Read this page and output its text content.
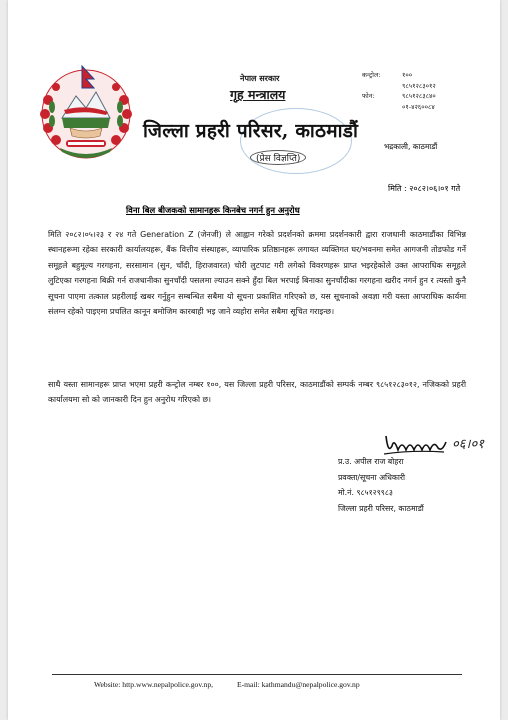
नेपाल सरकार
गृह मन्त्रालय
जिल्ला प्रहरी परिसर, काठमाडौं
(प्रेस विज्ञप्ति)
कन्ट्रोल:	१००
९८५१२८३०१२
फोन:	९८५१२८३८४०
०१-४२६००८४
भद्रकाली, काठमाडौं
मिति : २०८२।०६।०१ गते
विना बिल बीजकको सामानहरू किनबेच नगर्न हुन अनुरोध
मिति २०८२।०५।२३ र २४ गते Generation Z (जेनजी) ले आह्वान गरेको प्रदर्शनको क्रममा प्रदर्शनकारी द्वारा राजधानी काठमाडौंका विभिन्न स्थानहरूमा रहेका सरकारी कार्यालयहरू, बैंक वित्तीय संस्थाहरू, व्यापारिक प्रतिष्ठानहरू लगायत व्यक्तिगत घर/भवनमा समेत आगजनी तोडफोड गर्ने समूहले बहुमूल्य गरगहना, सरसामान (सुन, चाँदी, हिराजवारत) चोरी लुटपाट गरी लगेको विवरणहरू प्राप्त भइरहेकोले उक्त आपराधिक समूहले लुटिएका गरगहना बिक्री गर्न राजधानीका सुनचाँदी पसलमा ल्याउन सक्ने हुँदा बिल भरपाई बिनाका सुनचाँदीका गरगहना खरीद नगर्न हुन र त्यस्तो कुनै सूचना पाएमा तत्काल प्रहरीलाई खबर गर्नुहुन सम्बन्धित सबैमा यो सूचना प्रकाशित गरिएको छ, यस सूचनाको अवज्ञा गरी यस्ता आपराधिक कार्यमा संलग्न रहेको पाइएमा प्रचलित कानून बमोजिम कारबाही भइ जाने व्यहोरा समेत सबैमा सूचित गराइन्छ।
साथै यस्ता सामानहरू प्राप्त भएमा प्रहरी कन्ट्रोल नम्बर १००, यस जिल्ला प्रहरी परिसर, काठमाडौंको सम्पर्क नम्बर ९८५१२८३०१२, नजिकको प्रहरी कार्यालयमा सो को जानकारी दिन हुन अनुरोध गरिएको छ।
०६।०१
प्र.उ. अपील राज बोहरा
प्रवक्ता/सूचना अधिकारी
मो.नं. ९८५१२९९८३
जिल्ला प्रहरी परिसर, काठमाडौं
Website: http.www.nepalpolice.gov.np,	E-mail: kathmandu@nepalpolice.gov.np
